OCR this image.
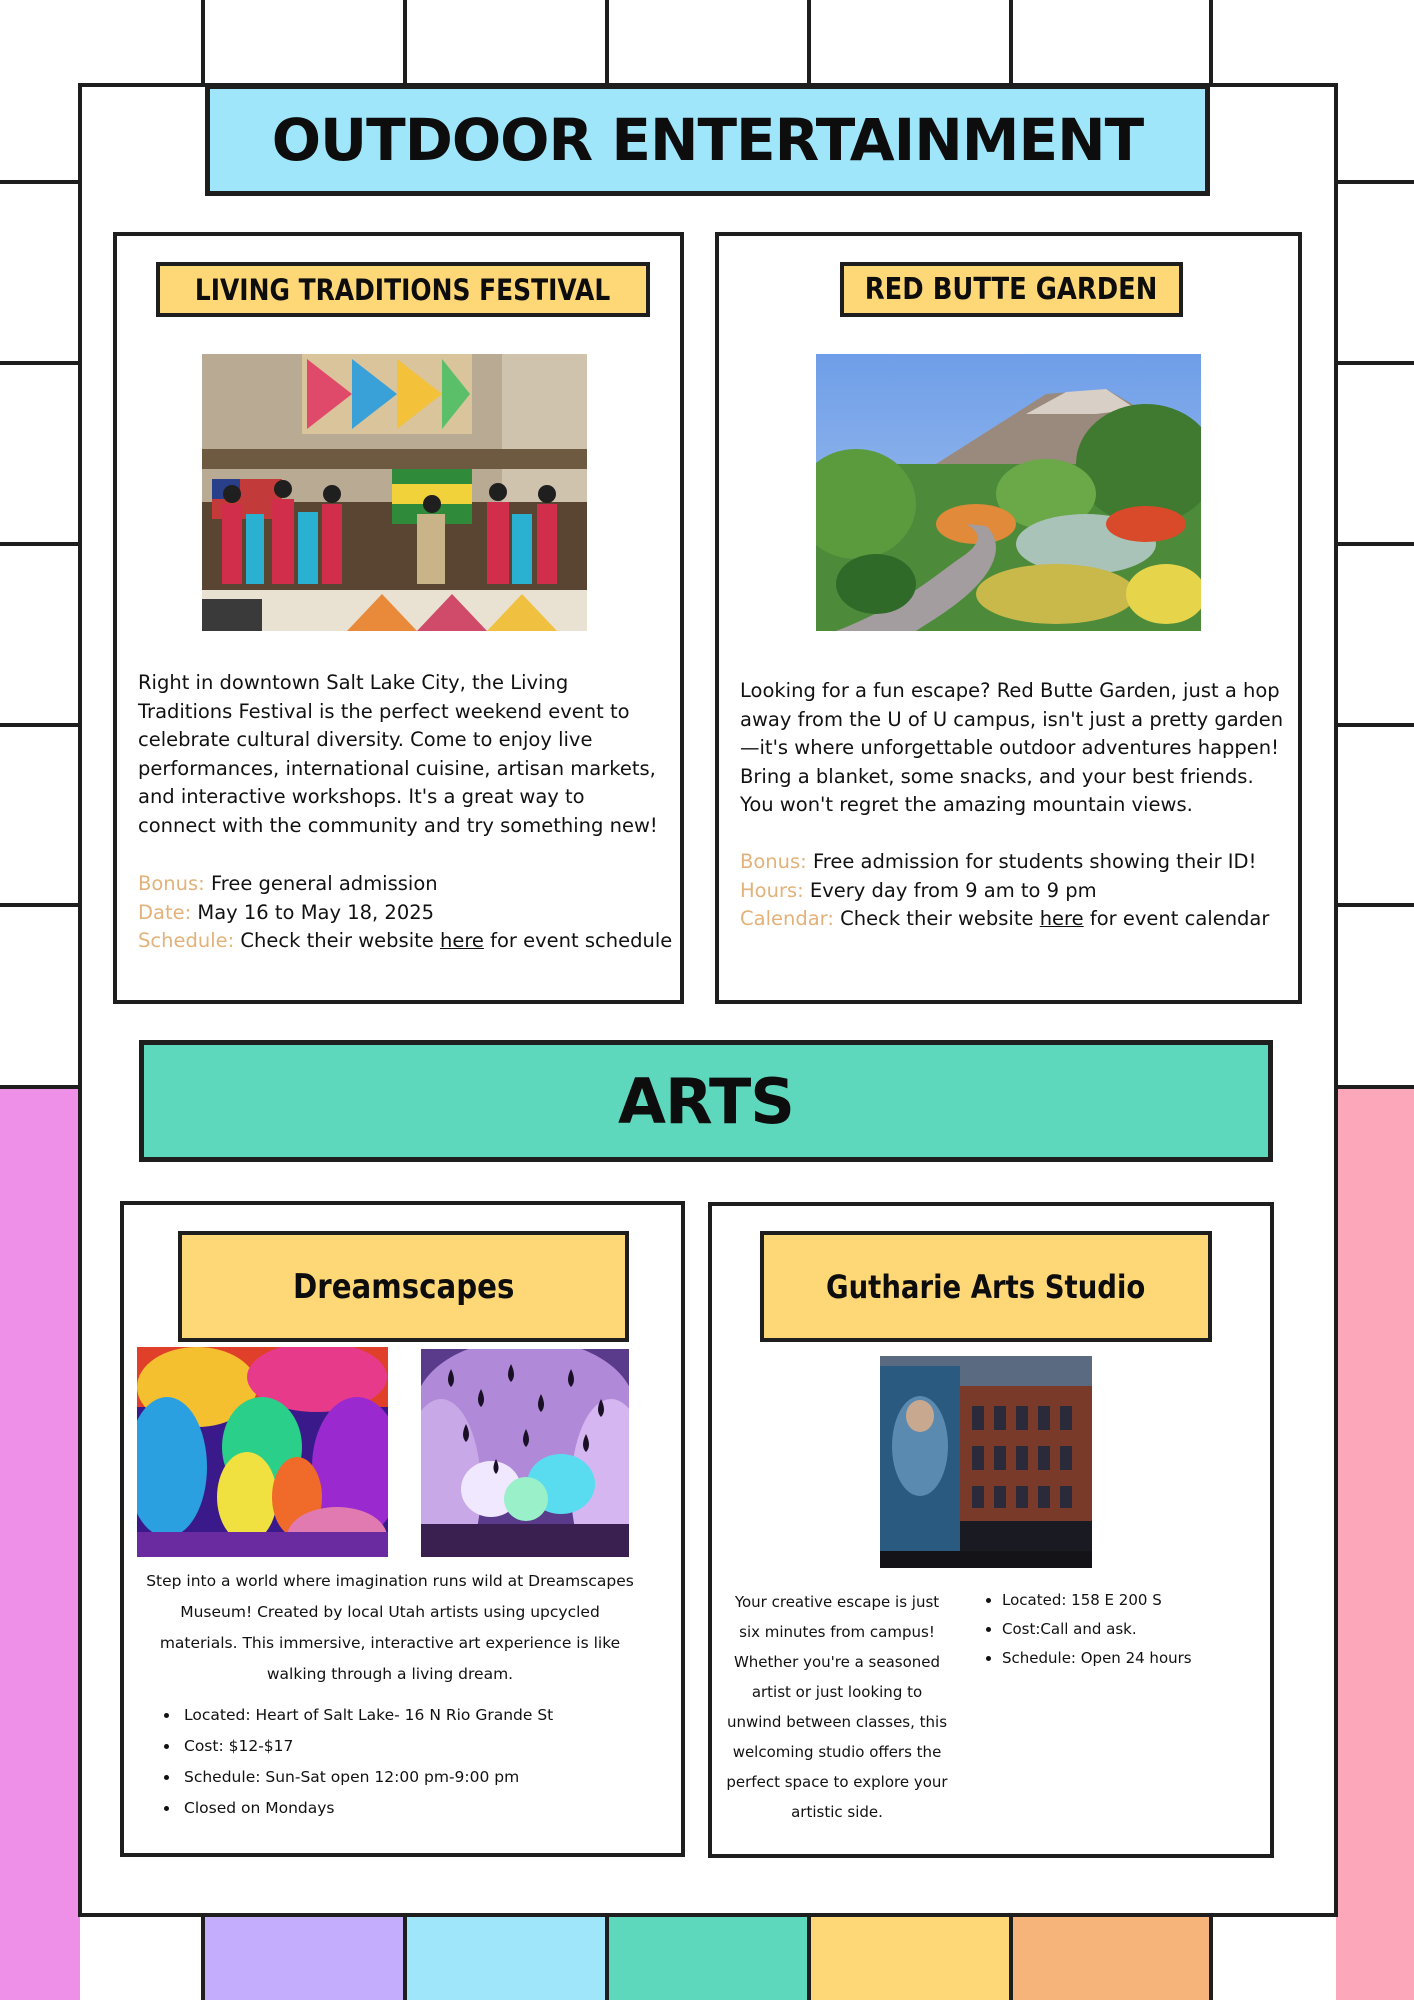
OUTDOOR ENTERTAINMENT
LIVING TRADITIONS FESTIVAL
Right in downtown Salt Lake City, the Living Traditions Festival is the perfect weekend event to celebrate cultural diversity. Come to enjoy live performances, international cuisine, artisan markets, and interactive workshops. It's a great way to connect with the community and try something new!
Bonus: Free general admission
Date: May 16 to May 18, 2025
Schedule: Check their website here for event schedule
RED BUTTE GARDEN
Looking for a fun escape? Red Butte Garden, just a hop away from the U of U campus, isn't just a pretty garden—it's where unforgettable outdoor adventures happen! Bring a blanket, some snacks, and your best friends. You won't regret the amazing mountain views.
Bonus: Free admission for students showing their ID!
Hours: Every day from 9 am to 9 pm
Calendar: Check their website here for event calendar
ARTS
Dreamscapes
Step into a world where imagination runs wild at Dreamscapes Museum! Created by local Utah artists using upcycled materials. This immersive, interactive art experience is like walking through a living dream.
• Located: Heart of Salt Lake- 16 N Rio Grande St
• Cost: $12-$17
• Schedule: Sun-Sat open 12:00 pm-9:00 pm
• Closed on Mondays
Gutharie Arts Studio
Your creative escape is just six minutes from campus! Whether you're a seasoned artist or just looking to unwind between classes, this welcoming studio offers the perfect space to explore your artistic side.
• Located: 158 E 200 S
• Cost:Call and ask.
• Schedule: Open 24 hours
